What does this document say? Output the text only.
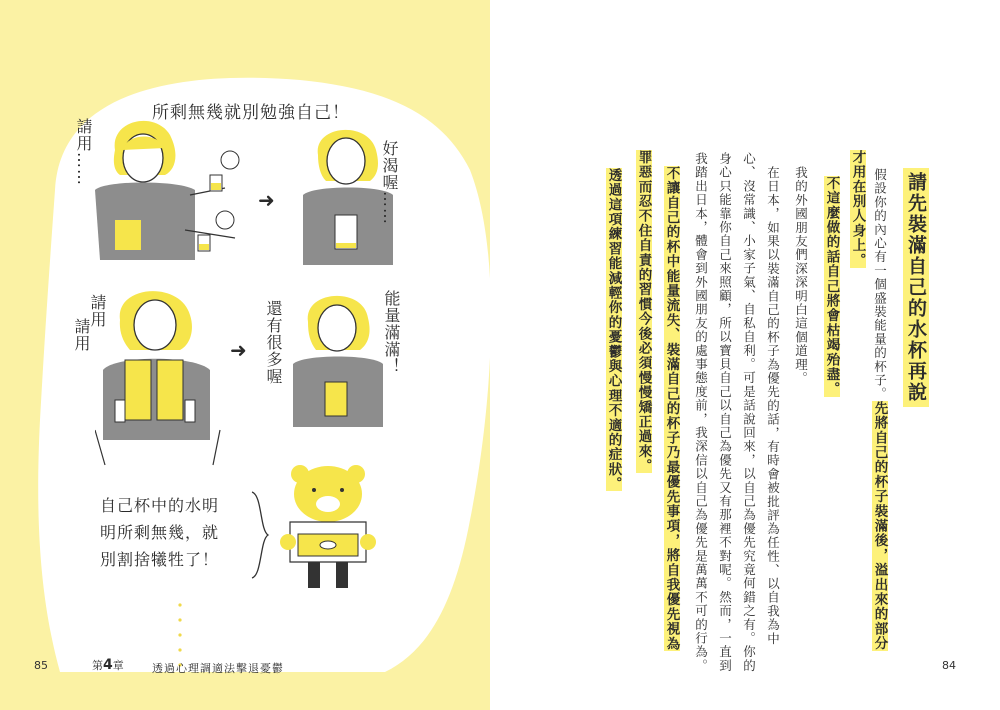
所剩無幾就別勉強自己！
請用……
➜	好渴喔……
請用
請用	➜ 還有很多喔	能量滿滿！
自己杯中的水明
明所剩無幾，就
別割捨犧牲了！
85	第4章	透過心理調適法擊退憂鬱
請先裝滿自己的水杯再說
假設你的內心有一個盛裝能量的杯子。先將自己的杯子裝滿後，溢出來的部分
才用在別人身上。
不這麼做的話自己將會枯竭殆盡。
我的外國朋友們深深明白這個道理。
在日本，如果以裝滿自己的杯子為優先的話，有時會被批評為任性、以自我為中
心、沒常識、小家子氣、自私自利。可是話說回來，以自己為優先究竟何錯之有。你的
身心只能靠你自己來照顧，所以寶貝自己以自己為優先又有那裡不對呢。然而，一直到
我踏出日本，體會到外國朋友的處事態度前，我深信以自己為優先是萬萬不可的行為。
不讓自己的杯中能量流失、裝滿自己的杯子乃最優先事項，將自我優先視為
罪惡而忍不住自責的習慣今後必須慢慢矯正過來。
透過這項練習能減輕你的憂鬱與心理不適的症狀。
84
